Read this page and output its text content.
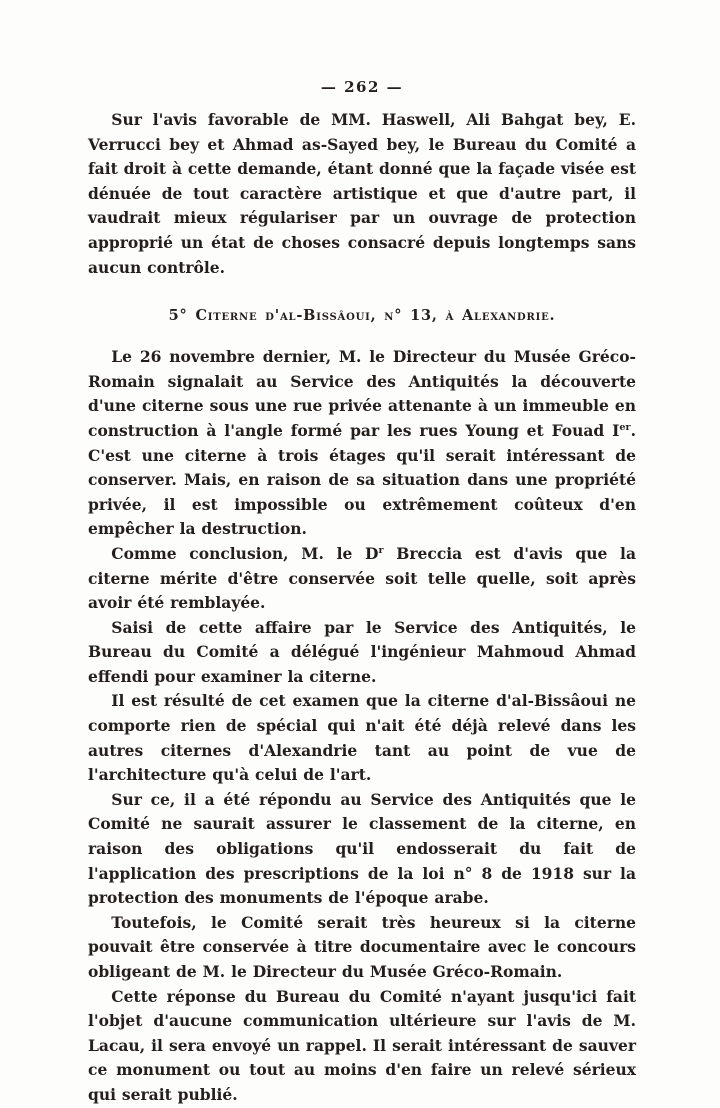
— 262 —

Sur l'avis favorable de MM. Haswell, Ali Bahgat bey, E. Verrucci bey et Ahmad as-Sayed bey, le Bureau du Comité a fait droit à cette demande, étant donné que la façade visée est dénuée de tout caractère artistique et que d'autre part, il vaudrait mieux régulariser par un ouvrage de protection approprié un état de choses consacré depuis longtemps sans aucun contrôle.

5° Citerne d'al-Bissâoui, n° 13, à Alexandrie.

Le 26 novembre dernier, M. le Directeur du Musée Gréco-Romain signalait au Service des Antiquités la découverte d'une citerne sous une rue privée attenante à un immeuble en construction à l'angle formé par les rues Young et Fouad Ier. C'est une citerne à trois étages qu'il serait intéressant de conserver. Mais, en raison de sa situation dans une propriété privée, il est impossible ou extrêmement coûteux d'en empêcher la destruction.

Comme conclusion, M. le $D^r$ Breccia est d'avis que la citerne mérite d'être conservée soit telle quelle, soit après avoir été remblayée.

Saisi de cette affaire par le Service des Antiquités, le Bureau du Comité a délégué l'ingénieur Mahmoud Ahmad effendi pour examiner la citerne.

Il est résulté de cet examen que la citerne d'al-Bissâoui ne comporte rien de spécial qui n'ait été déjà relevé dans les autres citernes d'Alexandrie tant au point de vue de l'architecture qu'à celui de l'art.

Sur ce, il a été répondu au Service des Antiquités que le Comité ne saurait assurer le classement de la citerne, en raison des obligations qu'il endosserait du fait de l'application des prescriptions de la loi n° 8 de 1918 sur la protection des monuments de l'époque arabe.

Toutefois, le Comité serait très heureux si la citerne pouvait être conservée à titre documentaire avec le concours obligeant de M. le Directeur du Musée Gréco-Romain.

Cette réponse du Bureau du Comité n'ayant jusqu'ici fait l'objet d'aucune communication ultérieure sur l'avis de M. Lacau, il sera envoyé un rappel. Il serait intéressant de sauver ce monument ou tout au moins d'en faire un relevé sérieux qui serait publié.
